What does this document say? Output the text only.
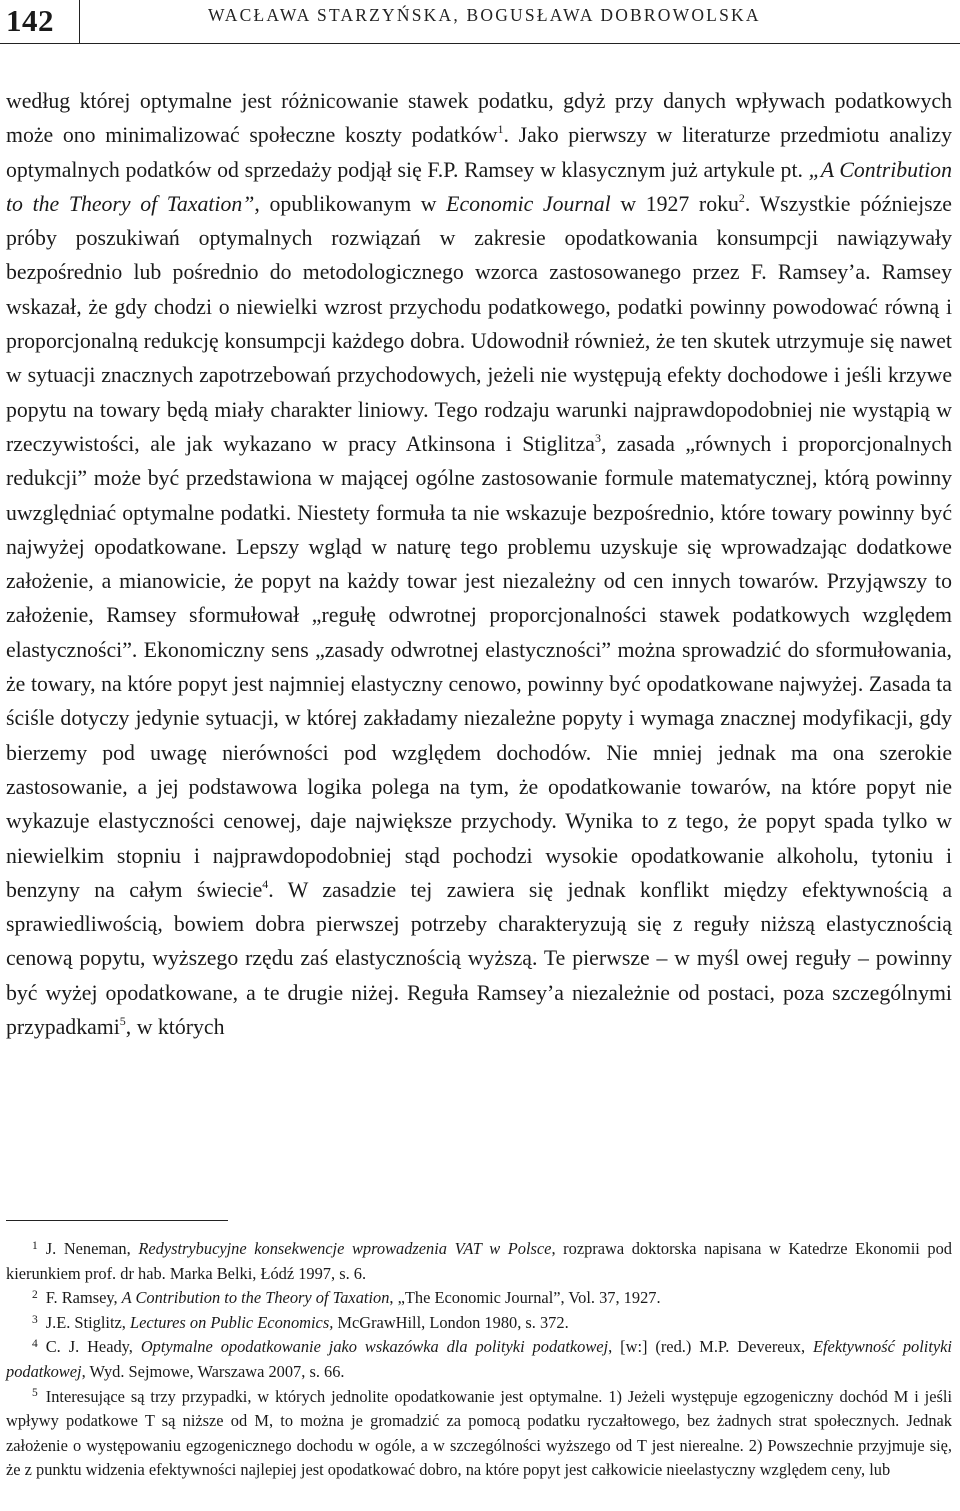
142	WACŁAWA STARZYŃSKA, BOGUSŁAWA DOBROWOLSKA

według której optymalne jest różnicowanie stawek podatku, gdyż przy danych wpływach podatkowych może ono minimalizować społeczne koszty podatków$^1$. Jako pierwszy w literaturze przedmiotu analizy optymalnych podatków od sprzedaży podjął się F.P. Ramsey w klasycznym już artykule pt. „A Contribution to the Theory of Taxation”, opublikowanym w Economic Journal w 1927 roku$^2$. Wszystkie późniejsze próby poszukiwań optymalnych rozwiązań w zakresie opodatkowania konsumpcji nawiązywały bezpośrednio lub pośrednio do metodologicznego wzorca zastosowanego przez F. Ramsey’a. Ramsey wskazał, że gdy chodzi o niewielki wzrost przychodu podatkowego, podatki powinny powodować równą i proporcjonalną redukcję konsumpcji każdego dobra. Udowodnił również, że ten skutek utrzymuje się nawet w sytuacji znacznych zapotrzebowań przychodowych, jeżeli nie występują efekty dochodowe i jeśli krzywe popytu na towary będą miały charakter liniowy. Tego rodzaju warunki najprawdopodobniej nie wystąpią w rzeczywistości, ale jak wykazano w pracy Atkinsona i Stiglitza$^3$, zasada „równych i proporcjonalnych redukcji” może być przedstawiona w mającej ogólne zastosowanie formule matematycznej, którą powinny uwzględniać optymalne podatki. Niestety formuła ta nie wskazuje bezpośrednio, które towary powinny być najwyżej opodatkowane. Lepszy wgląd w naturę tego problemu uzyskuje się wprowadzając dodatkowe założenie, a mianowicie, że popyt na każdy towar jest niezależny od cen innych towarów. Przyjąwszy to założenie, Ramsey sformułował „regułę odwrotnej proporcjonalności stawek podatkowych względem elastyczności”. Ekonomiczny sens „zasady odwrotnej elastyczności” można sprowadzić do sformułowania, że towary, na które popyt jest najmniej elastyczny cenowo, powinny być opodatkowane najwyżej. Zasada ta ściśle dotyczy jedynie sytuacji, w której zakładamy niezależne popyty i wymaga znacznej modyfikacji, gdy bierzemy pod uwagę nierówności pod względem dochodów. Nie mniej jednak ma ona szerokie zastosowanie, a jej podstawowa logika polega na tym, że opodatkowanie towarów, na które popyt nie wykazuje elastyczności cenowej, daje największe przychody. Wynika to z tego, że popyt spada tylko w niewielkim stopniu i najprawdopodobniej stąd pochodzi wysokie opodatkowanie alkoholu, tytoniu i benzyny na całym świecie$^4$. W zasadzie tej zawiera się jednak konflikt między efektywnością a sprawiedliwością, bowiem dobra pierwszej potrzeby charakteryzują się z reguły niższą elastycznością cenową popytu, wyższego rzędu zaś elastycznością wyższą. Te pierwsze – w myśl owej reguły – powinny być wyżej opodatkowane, a te drugie niżej. Reguła Ramsey’a niezależnie od postaci, poza szczególnymi przypadkami$^5$, w których

$^1$ J. Neneman, Redystrybucyjne konsekwencje wprowadzenia VAT w Polsce, rozprawa doktorska napisana w Katedrze Ekonomii pod kierunkiem prof. dr hab. Marka Belki, Łódź 1997, s. 6.

$^2$ F. Ramsey, A Contribution to the Theory of Taxation, „The Economic Journal”, Vol. 37, 1927.

$^3$ J.E. Stiglitz, Lectures on Public Economics, McGrawHill, London 1980, s. 372.

$^4$ C. J. Heady, Optymalne opodatkowanie jako wskazówka dla polityki podatkowej, [w:] (red.) M.P. Devereux, Efektywność polityki podatkowej, Wyd. Sejmowe, Warszawa 2007, s. 66.

$^5$ Interesujące są trzy przypadki, w których jednolite opodatkowanie jest optymalne. 1) Jeżeli występuje egzogeniczny dochód M i jeśli wpływy podatkowe T są niższe od M, to można je gromadzić za pomocą podatku ryczałtowego, bez żadnych strat społecznych. Jednak założenie o występowaniu egzogenicznego dochodu w ogóle, a w szczególności wyższego od T jest nierealne. 2) Powszechnie przyjmuje się, że z punktu widzenia efektywności najlepiej jest opodatkować dobro, na które popyt jest całkowicie nieelastyczny względem ceny, lub
